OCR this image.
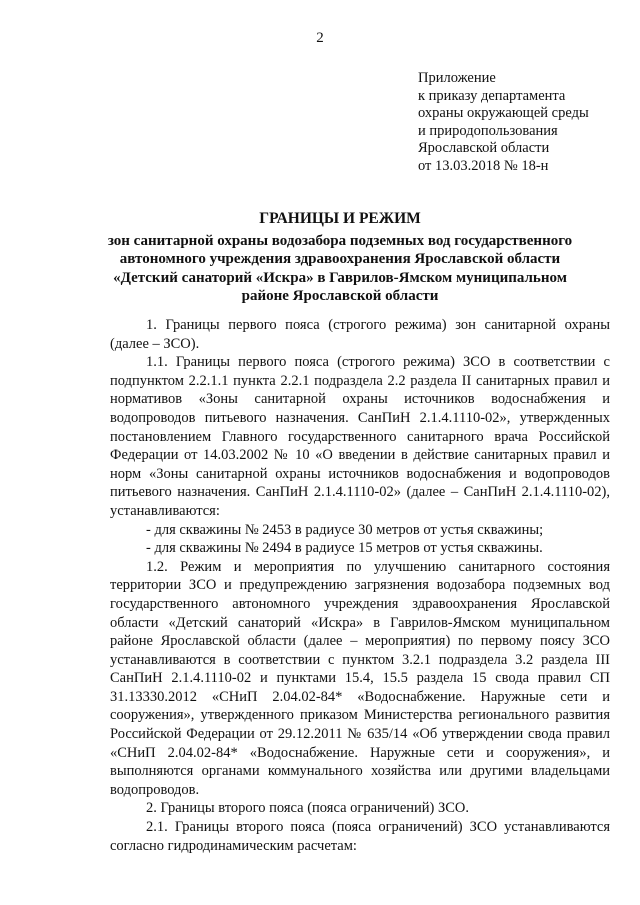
2
Приложение
к приказу департамента
охраны окружающей среды
и природопользования
Ярославской области
от 13.03.2018 № 18-н
ГРАНИЦЫ И РЕЖИМ
зон санитарной охраны водозабора подземных вод государственного
автономного учреждения здравоохранения Ярославской области
«Детский санаторий «Искра» в Гаврилов-Ямском муниципальном
районе Ярославской области

1. Границы первого пояса (строгого режима) зон санитарной охраны (далее – ЗСО).

1.1. Границы первого пояса (строгого режима) ЗСО в соответствии с подпунктом 2.2.1.1 пункта 2.2.1 подраздела 2.2 раздела II санитарных правил и нормативов «Зоны санитарной охраны источников водоснабжения и водопроводов питьевого назначения. СанПиН 2.1.4.1110-02», утвержденных постановлением Главного государственного санитарного врача Российской Федерации от 14.03.2002 № 10 «О введении в действие санитарных правил и норм «Зоны санитарной охраны источников водоснабжения и водопроводов питьевого назначения. СанПиН 2.1.4.1110-02» (далее – СанПиН 2.1.4.1110-02), устанавливаются:

- для скважины № 2453 в радиусе 30 метров от устья скважины;

- для скважины № 2494 в радиусе 15 метров от устья скважины.

1.2. Режим и мероприятия по улучшению санитарного состояния территории ЗСО и предупреждению загрязнения водозабора подземных вод государственного автономного учреждения здравоохранения Ярославской области «Детский санаторий «Искра» в Гаврилов-Ямском муниципальном районе Ярославской области (далее – мероприятия) по первому поясу ЗСО устанавливаются в соответствии с пунктом 3.2.1 подраздела 3.2 раздела III СанПиН 2.1.4.1110-02 и пунктами 15.4, 15.5 раздела 15 свода правил СП 31.13330.2012 «СНиП 2.04.02-84* «Водоснабжение. Наружные сети и сооружения», утвержденного приказом Министерства регионального развития Российской Федерации от 29.12.2011 № 635/14 «Об утверждении свода правил «СНиП 2.04.02-84* «Водоснабжение. Наружные сети и сооружения», и выполняются органами коммунального хозяйства или другими владельцами водопроводов.

2. Границы второго пояса (пояса ограничений) ЗСО.

2.1. Границы второго пояса (пояса ограничений) ЗСО устанавливаются согласно гидродинамическим расчетам:
